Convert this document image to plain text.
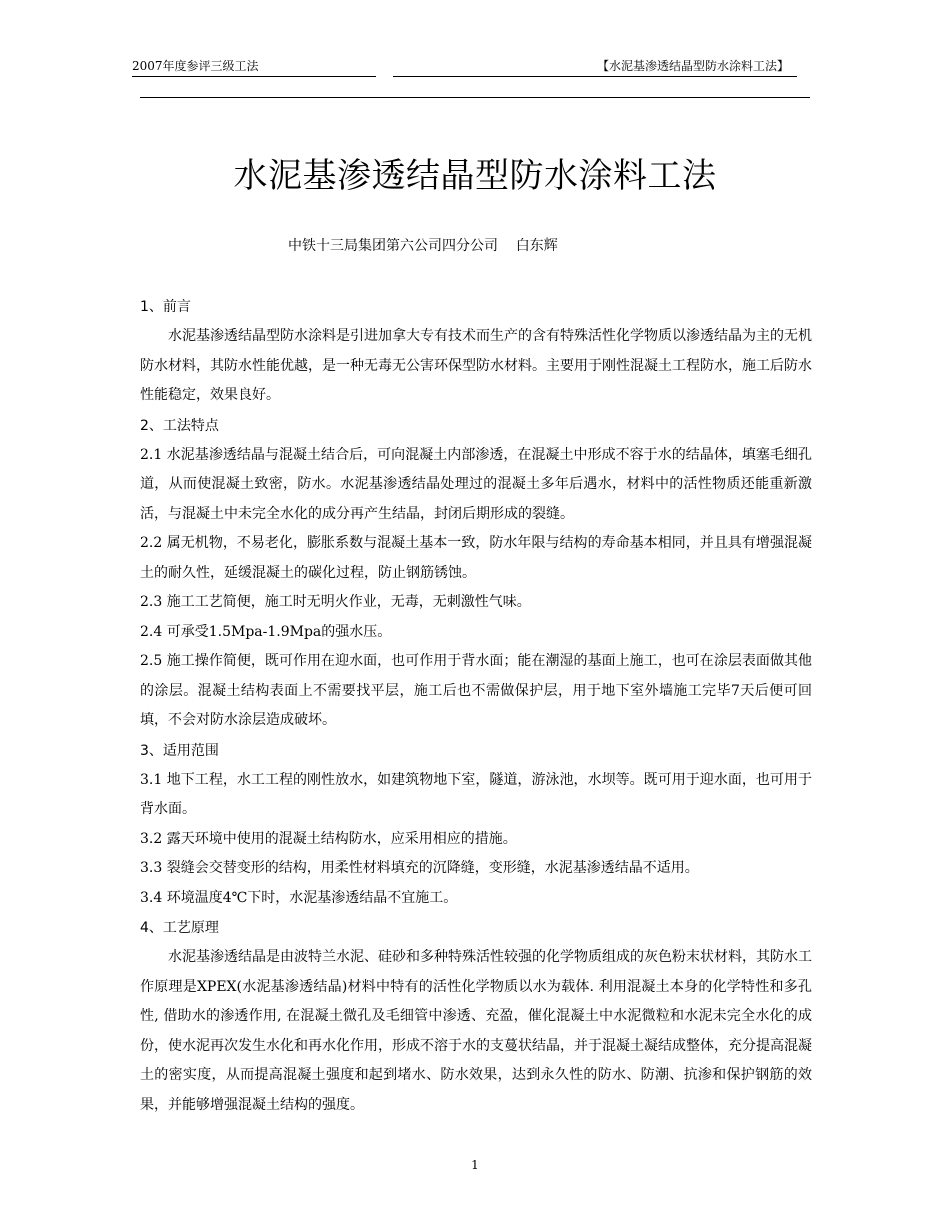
2007年度参评三级工法	【水泥基渗透结晶型防水涂料工法】
水泥基渗透结晶型防水涂料工法
中铁十三局集团第六公司四分公司    白东辉

1、前言

水泥基渗透结晶型防水涂料是引进加拿大专有技术而生产的含有特殊活性化学物质以渗透结晶为主的无机防水材料，其防水性能优越，是一种无毒无公害环保型防水材料。主要用于刚性混凝土工程防水，施工后防水性能稳定，效果良好。

2、工法特点

2.1 水泥基渗透结晶与混凝土结合后，可向混凝土内部渗透，在混凝土中形成不容于水的结晶体，填塞毛细孔道，从而使混凝土致密，防水。水泥基渗透结晶处理过的混凝土多年后遇水，材料中的活性物质还能重新激活，与混凝土中未完全水化的成分再产生结晶，封闭后期形成的裂缝。

2.2 属无机物，不易老化，膨胀系数与混凝土基本一致，防水年限与结构的寿命基本相同，并且具有增强混凝土的耐久性，延缓混凝土的碳化过程，防止钢筋锈蚀。

2.3 施工工艺简便，施工时无明火作业，无毒，无刺激性气味。

2.4 可承受1.5Mpa-1.9Mpa的强水压。

2.5 施工操作简便，既可作用在迎水面，也可作用于背水面；能在潮湿的基面上施工，也可在涂层表面做其他的涂层。混凝土结构表面上不需要找平层，施工后也不需做保护层，用于地下室外墙施工完毕7天后便可回填，不会对防水涂层造成破坏。

3、适用范围

3.1 地下工程，水工工程的刚性放水，如建筑物地下室，隧道，游泳池，水坝等。既可用于迎水面，也可用于背水面。

3.2 露天环境中使用的混凝土结构防水，应采用相应的措施。

3.3 裂缝会交替变形的结构，用柔性材料填充的沉降缝，变形缝，水泥基渗透结晶不适用。

3.4 环境温度4℃下时，水泥基渗透结晶不宜施工。

4、工艺原理

水泥基渗透结晶是由波特兰水泥、硅砂和多种特殊活性较强的化学物质组成的灰色粉末状材料，其防水工作原理是XPEX(水泥基渗透结晶)材料中特有的活性化学物质以水为载体. 利用混凝土本身的化学特性和多孔性, 借助水的渗透作用, 在混凝土微孔及毛细管中渗透、充盈，催化混凝土中水泥微粒和水泥未完全水化的成份，使水泥再次发生水化和再水化作用，形成不溶于水的支蔓状结晶，并于混凝土凝结成整体，充分提高混凝土的密实度，从而提高混凝土强度和起到堵水、防水效果，达到永久性的防水、防潮、抗渗和保护钢筋的效果，并能够增强混凝土结构的强度。

1
